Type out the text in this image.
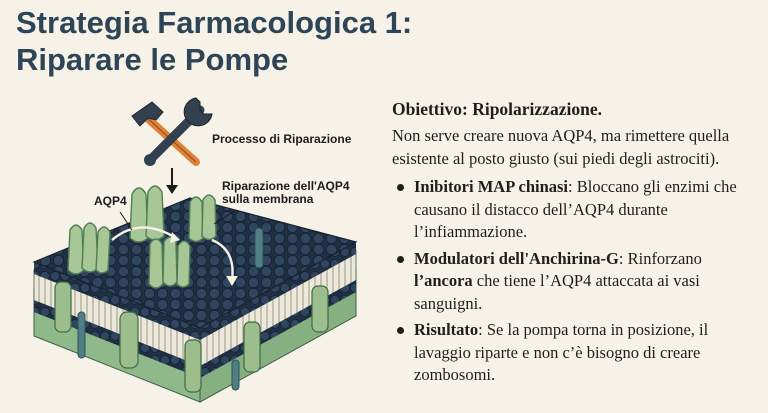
Strategia Farmacologica 1:
Riparare le Pompe
Processo di Riparazione
AQP4
Riparazione dell'AQP4
sulla membrana

Obiettivo: Ripolarizzazione.

Non serve creare nuova AQP4, ma rimettere quella esistente al posto giusto (sui piedi degli astrociti).

Inibitori MAP chinasi: Bloccano gli enzimi che causano il distacco dell’AQP4 durante l’infiammazione.
Modulatori dell'Anchirina-G: Rinforzano l’ancora che tiene l’AQP4 attaccata ai vasi sanguigni.
Risultato: Se la pompa torna in posizione, il lavaggio riparte e non c’è bisogno di creare zombosomi.
